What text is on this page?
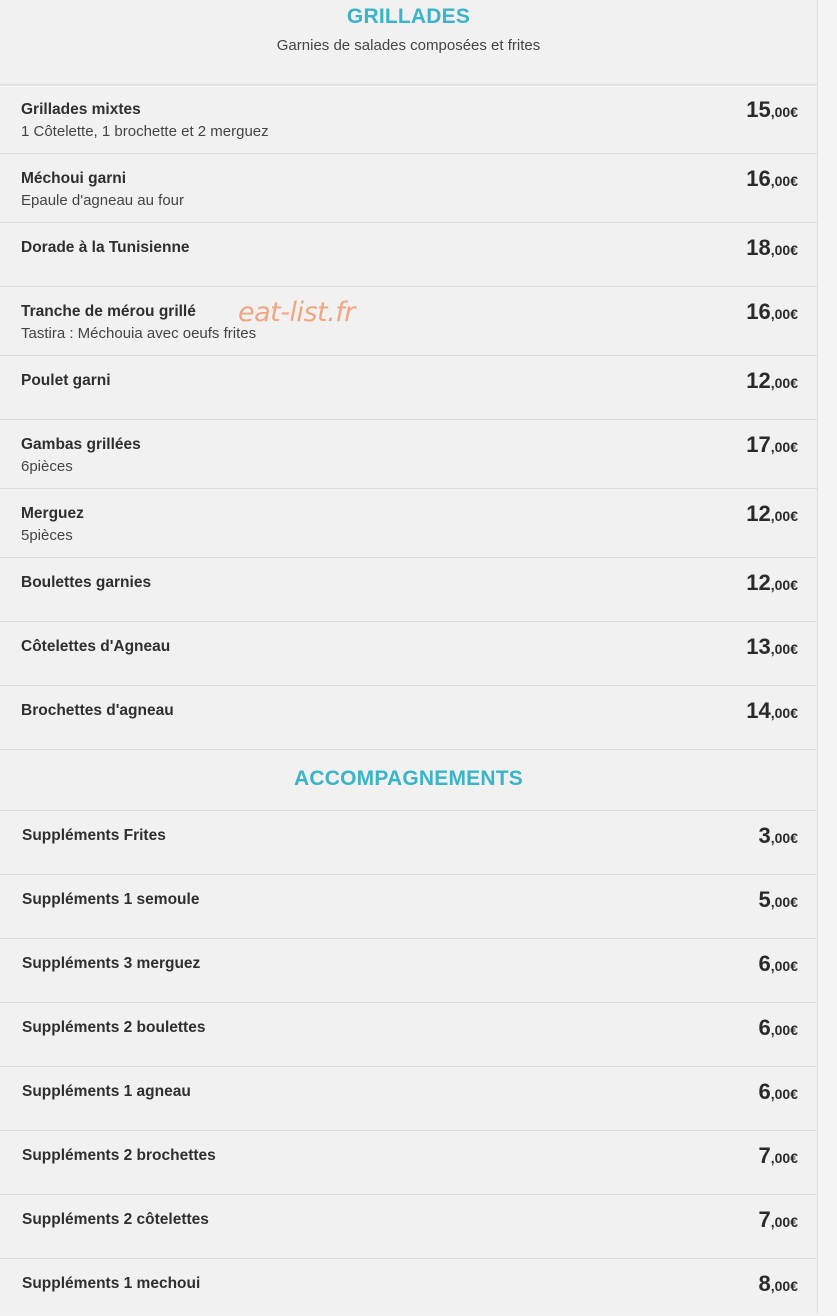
GRILLADES
Garnies de salades composées et frites
Grillades mixtes
1 Côtelette, 1 brochette et 2 merguez
15,00€
Méchoui garni
Epaule d'agneau au four
16,00€
Dorade à la Tunisienne	18,00€
Tranche de mérou grillé
Tastira : Méchouia avec oeufs frites
16,00€
Poulet garni	12,00€
Gambas grillées
6pièces
17,00€
Merguez
5pièces
12,00€
Boulettes garnies	12,00€
Côtelettes d'Agneau	13,00€
Brochettes d'agneau	14,00€
ACCOMPAGNEMENTS
Suppléments Frites	3,00€
Suppléments 1 semoule	5,00€
Suppléments 3 merguez	6,00€
Suppléments 2 boulettes	6,00€
Suppléments 1 agneau	6,00€
Suppléments 2 brochettes	7,00€
Suppléments 2 côtelettes	7,00€
Suppléments 1 mechoui	8,00€
eat-list.fr
